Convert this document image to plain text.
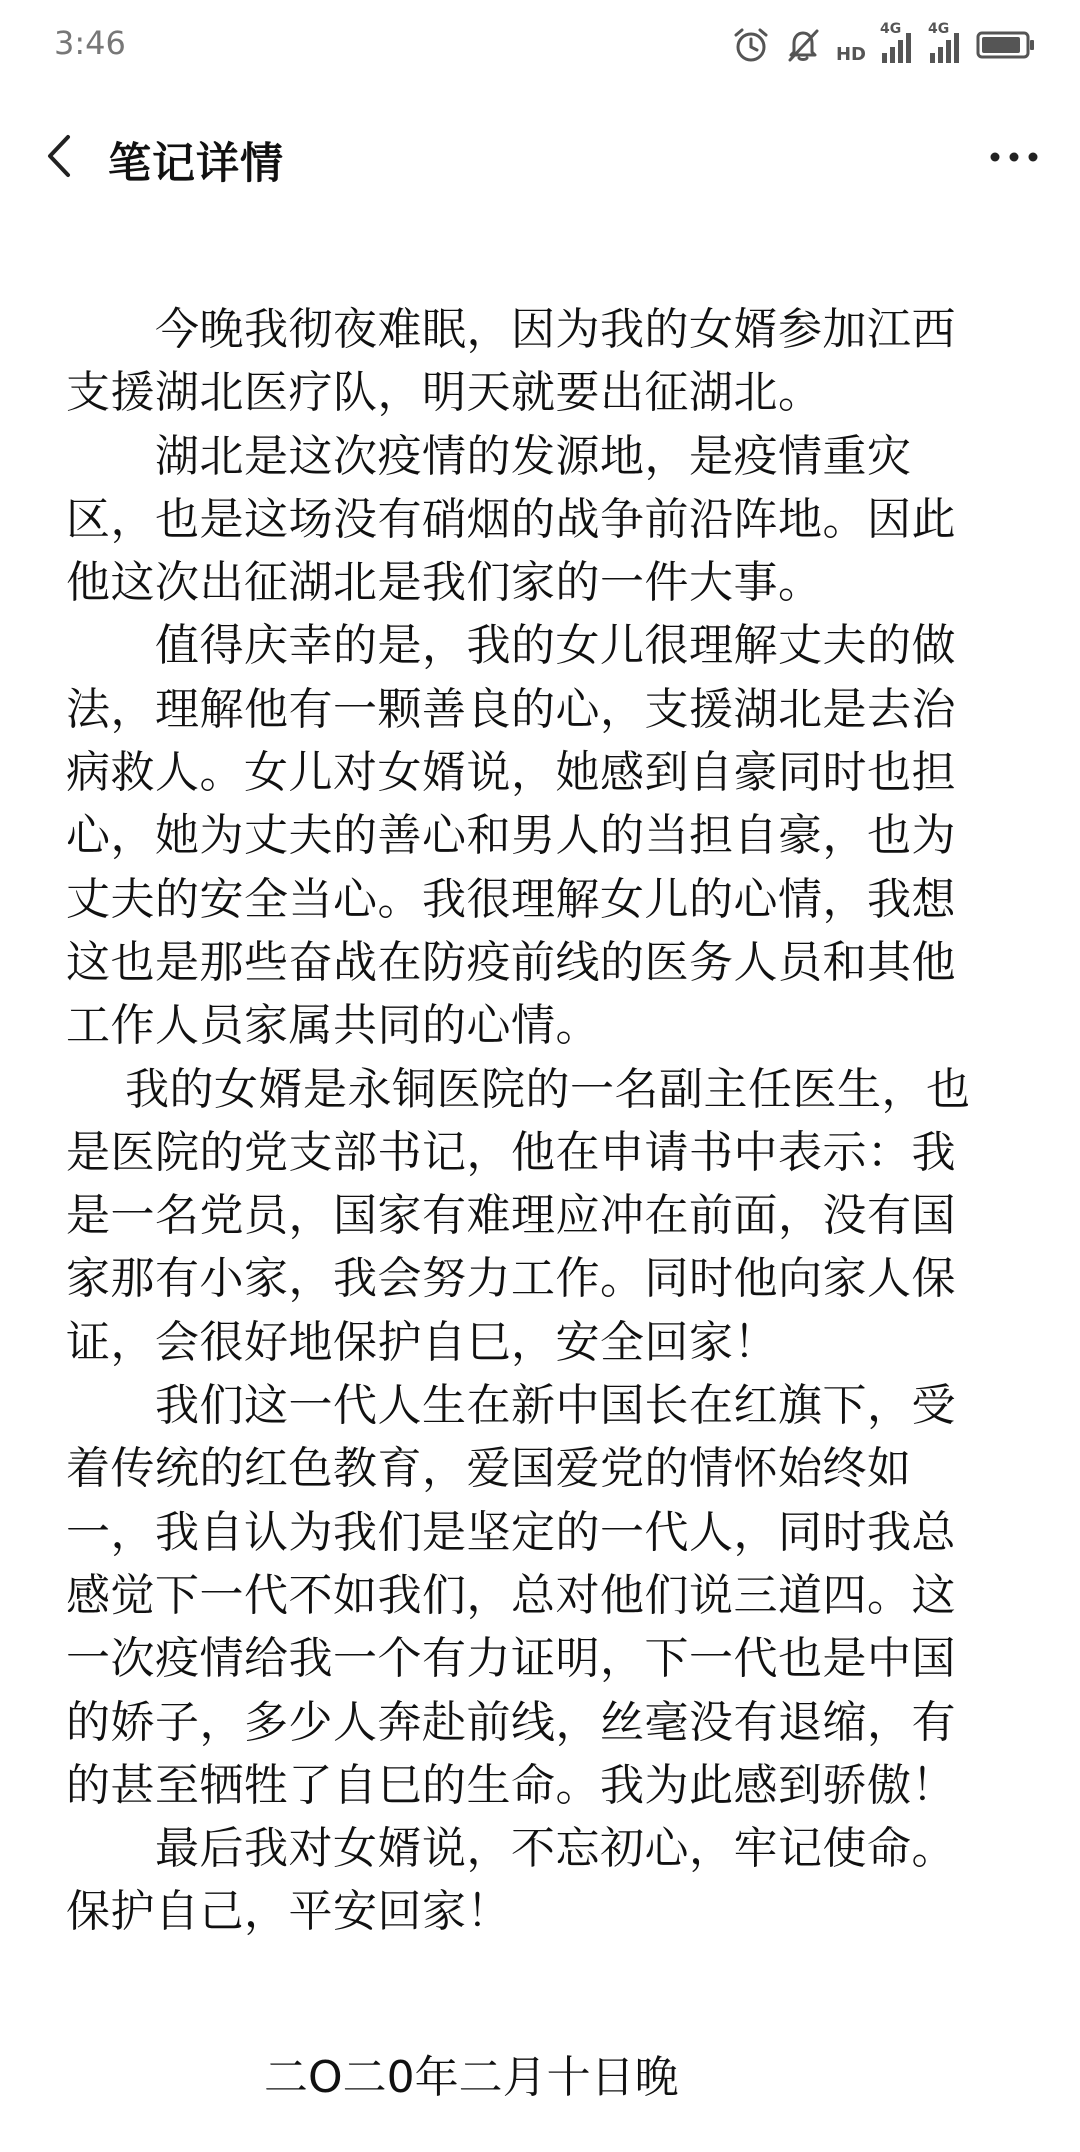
3:46	HD
4G 4G
笔记详情
　　今晚我彻夜难眠，因为我的女婿参加江西
支援湖北医疗队，明天就要出征湖北。
　　湖北是这次疫情的发源地，是疫情重灾
区，也是这场没有硝烟的战争前沿阵地。因此
他这次出征湖北是我们家的一件大事。
　　值得庆幸的是，我的女儿很理解丈夫的做
法，理解他有一颗善良的心，支援湖北是去治
病救人。女儿对女婿说，她感到自豪同时也担
心，她为丈夫的善心和男人的当担自豪，也为
丈夫的安全当心。我很理解女儿的心情，我想
这也是那些奋战在防疫前线的医务人员和其他
工作人员家属共同的心情。
　 我的女婿是永铜医院的一名副主任医生，也
是医院的党支部书记，他在申请书中表示：我
是一名党员，国家有难理应冲在前面，没有国
家那有小家，我会努力工作。同时他向家人保
证，会很好地保护自巳，安全回家！
　　我们这一代人生在新中国长在红旗下，受
着传统的红色教育，爱国爱党的情怀始终如
一，我自认为我们是坚定的一代人，同时我总
感觉下一代不如我们，总对他们说三道四。这
一次疫情给我一个有力证明，下一代也是中国
的娇子，多少人奔赴前线，丝毫没有退缩，有
的甚至牺牲了自巳的生命。我为此感到骄傲！
　　最后我对女婿说，不忘初心，牢记使命。
保护自己，平安回家！
二O二0年二月十日晚
